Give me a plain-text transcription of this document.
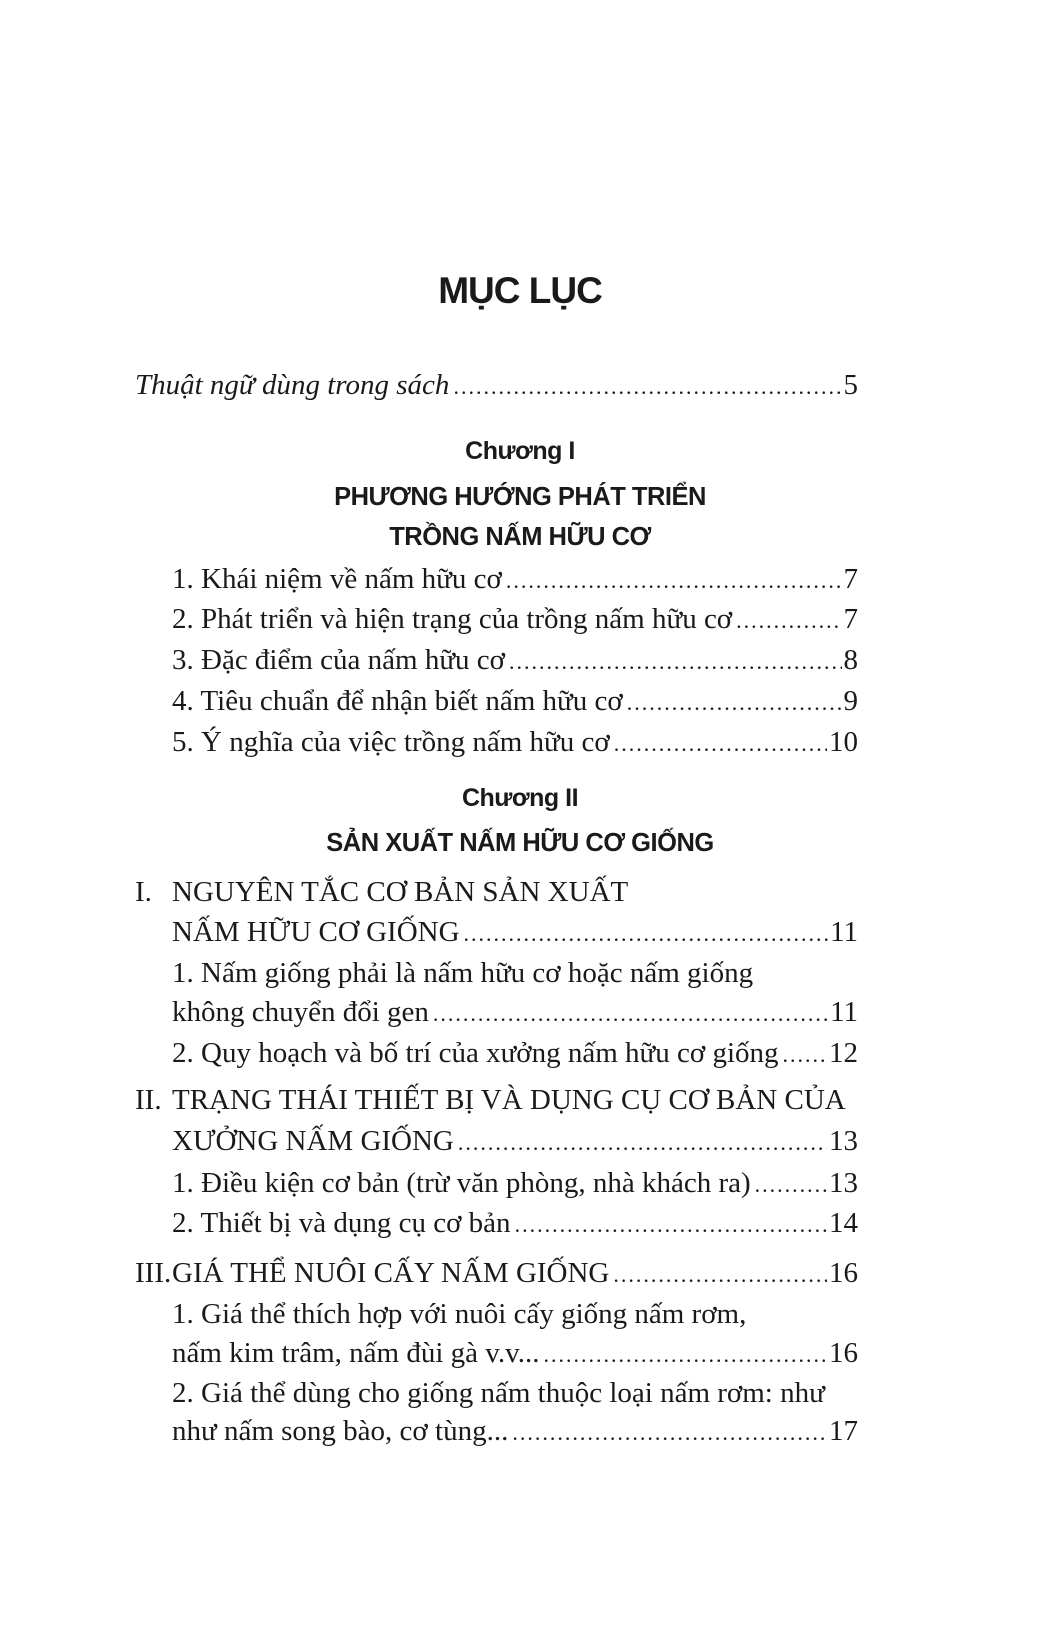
MỤC LỤC
Thuật ngữ dùng trong sách .....	5
Chương I
PHƯƠNG HƯỚNG PHÁT TRIỂN
TRỒNG NẤM HỮU CƠ
1. Khái niệm về nấm hữu cơ .....	7
2. Phát triển và hiện trạng của trồng nấm hữu cơ .....	7
3. Đặc điểm của nấm hữu cơ .....	8
4. Tiêu chuẩn để nhận biết nấm hữu cơ .....	9
5. Ý nghĩa của việc trồng nấm hữu cơ .....	10
Chương II
SẢN XUẤT NẤM HỮU CƠ GIỐNG
I. NGUYÊN TẮC CƠ BẢN SẢN XUẤT
NẤM HỮU CƠ GIỐNG .....	11
1. Nấm giống phải là nấm hữu cơ hoặc nấm giống
không chuyển đổi gen .....	11
2. Quy hoạch và bố trí của xưởng nấm hữu cơ giống ..... 12
II. TRẠNG THÁI THIẾT BỊ VÀ DỤNG CỤ CƠ BẢN CỦA
XƯỞNG NẤM GIỐNG .....	13
1. Điều kiện cơ bản (trừ văn phòng, nhà khách ra) .....	13
2. Thiết bị và dụng cụ cơ bản .....	14
III. GIÁ THỂ NUÔI CẤY NẤM GIỐNG .....	16
1. Giá thể thích hợp với nuôi cấy giống nấm rơm,
nấm kim trâm, nấm đùi gà v.v... .....	16
2. Giá thể dùng cho giống nấm thuộc loại nấm rơm: như
như nấm song bào, cơ tùng... .....	17
